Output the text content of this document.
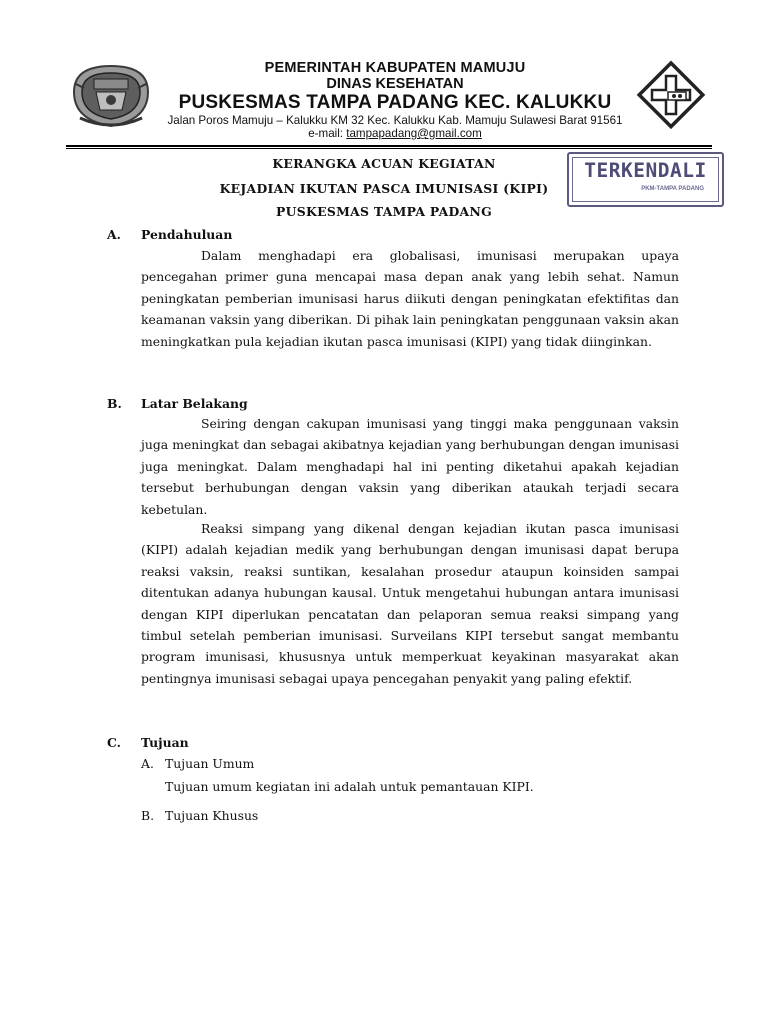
PEMERINTAH KABUPATEN MAMUJU
DINAS KESEHATAN
PUSKESMAS TAMPA PADANG KEC. KALUKKU
Jalan Poros Mamuju – Kalukku KM 32 Kec. Kalukku Kab. Mamuju Sulawesi Barat 91561
e-mail: tampapadang@gmail.com
KERANGKA ACUAN KEGIATAN
KEJADIAN IKUTAN PASCA IMUNISASI (KIPI)
PUSKESMAS TAMPA PADANG
TERKENDALI
PKM-TAMPA PADANG
A. Pendahuluan
Dalam menghadapi era globalisasi, imunisasi merupakan upaya pencegahan primer guna mencapai masa depan anak yang lebih sehat. Namun peningkatan pemberian imunisasi harus diikuti dengan peningkatan efektifitas dan keamanan vaksin yang diberikan. Di pihak lain peningkatan penggunaan vaksin akan meningkatkan pula kejadian ikutan pasca imunisasi (KIPI) yang tidak diinginkan.
B. Latar Belakang
Seiring dengan cakupan imunisasi yang tinggi maka penggunaan vaksin juga meningkat dan sebagai akibatnya kejadian yang berhubungan dengan imunisasi juga meningkat. Dalam menghadapi hal ini penting diketahui apakah kejadian tersebut berhubungan dengan vaksin yang diberikan ataukah terjadi secara kebetulan.
Reaksi simpang yang dikenal dengan kejadian ikutan pasca imunisasi (KIPI) adalah kejadian medik yang berhubungan dengan imunisasi dapat berupa reaksi vaksin, reaksi suntikan, kesalahan prosedur ataupun koinsiden sampai ditentukan adanya hubungan kausal. Untuk mengetahui hubungan antara imunisasi dengan KIPI diperlukan pencatatan dan pelaporan semua reaksi simpang yang timbul setelah pemberian imunisasi. Surveilans KIPI tersebut sangat membantu program imunisasi, khususnya untuk memperkuat keyakinan masyarakat akan pentingnya imunisasi sebagai upaya pencegahan penyakit yang paling efektif.
C. Tujuan
A. Tujuan Umum
Tujuan umum kegiatan ini adalah untuk pemantauan KIPI.
B. Tujuan Khusus
